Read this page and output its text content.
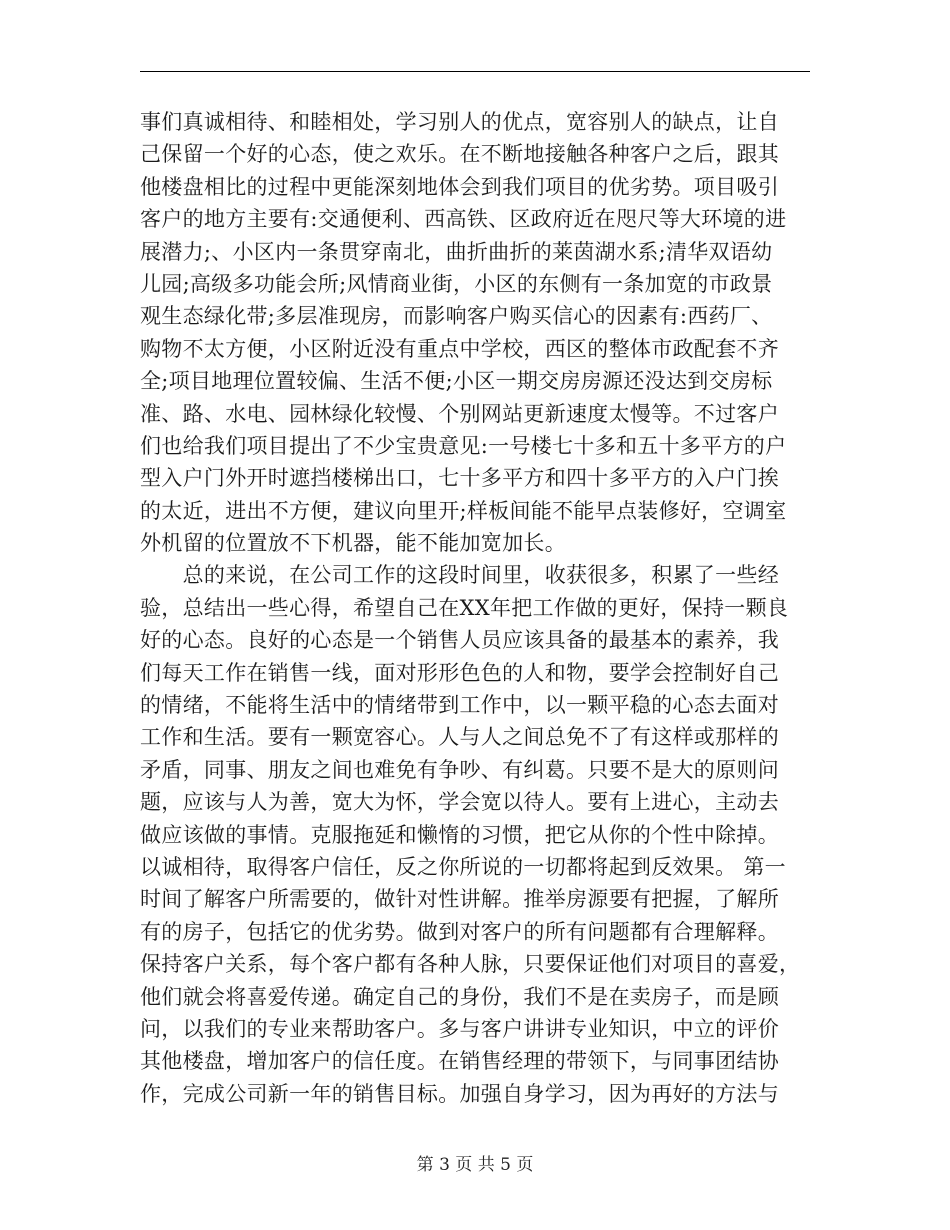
事们真诚相待、和睦相处，学习别人的优点，宽容别人的缺点，让自
己保留一个好的心态，使之欢乐。在不断地接触各种客户之后，跟其
他楼盘相比的过程中更能深刻地体会到我们项目的优劣势。项目吸引
客户的地方主要有:交通便利、西高铁、区政府近在咫尺等大环境的进
展潜力;、小区内一条贯穿南北，曲折曲折的莱茵湖水系;清华双语幼
儿园;高级多功能会所;风情商业街，小区的东侧有一条加宽的市政景
观生态绿化带;多层准现房，而影响客户购买信心的因素有:西药厂、
购物不太方便，小区附近没有重点中学校，西区的整体市政配套不齐
全;项目地理位置较偏、生活不便;小区一期交房房源还没达到交房标
准、路、水电、园林绿化较慢、个别网站更新速度太慢等。不过客户
们也给我们项目提出了不少宝贵意见:一号楼七十多和五十多平方的户
型入户门外开时遮挡楼梯出口，七十多平方和四十多平方的入户门挨
的太近，进出不方便，建议向里开;样板间能不能早点装修好，空调室
外机留的位置放不下机器，能不能加宽加长。
　　总的来说，在公司工作的这段时间里，收获很多，积累了一些经
验，总结出一些心得，希望自己在XX年把工作做的更好，保持一颗良
好的心态。良好的心态是一个销售人员应该具备的最基本的素养，我
们每天工作在销售一线，面对形形色色的人和物，要学会控制好自己
的情绪，不能将生活中的情绪带到工作中，以一颗平稳的心态去面对
工作和生活。要有一颗宽容心。人与人之间总免不了有这样或那样的
矛盾，同事、朋友之间也难免有争吵、有纠葛。只要不是大的原则问
题，应该与人为善，宽大为怀，学会宽以待人。要有上进心，主动去
做应该做的事情。克服拖延和懒惰的习惯，把它从你的个性中除掉。
以诚相待，取得客户信任，反之你所说的一切都将起到反效果。 第一
时间了解客户所需要的，做针对性讲解。推举房源要有把握，了解所
有的房子，包括它的优劣势。做到对客户的所有问题都有合理解释。
保持客户关系，每个客户都有各种人脉，只要保证他们对项目的喜爱，
他们就会将喜爱传递。确定自己的身份，我们不是在卖房子，而是顾
问，以我们的专业来帮助客户。多与客户讲讲专业知识，中立的评价
其他楼盘，增加客户的信任度。在销售经理的带领下，与同事团结协
作，完成公司新一年的销售目标。加强自身学习，因为再好的方法与
第 3 页 共 5 页
